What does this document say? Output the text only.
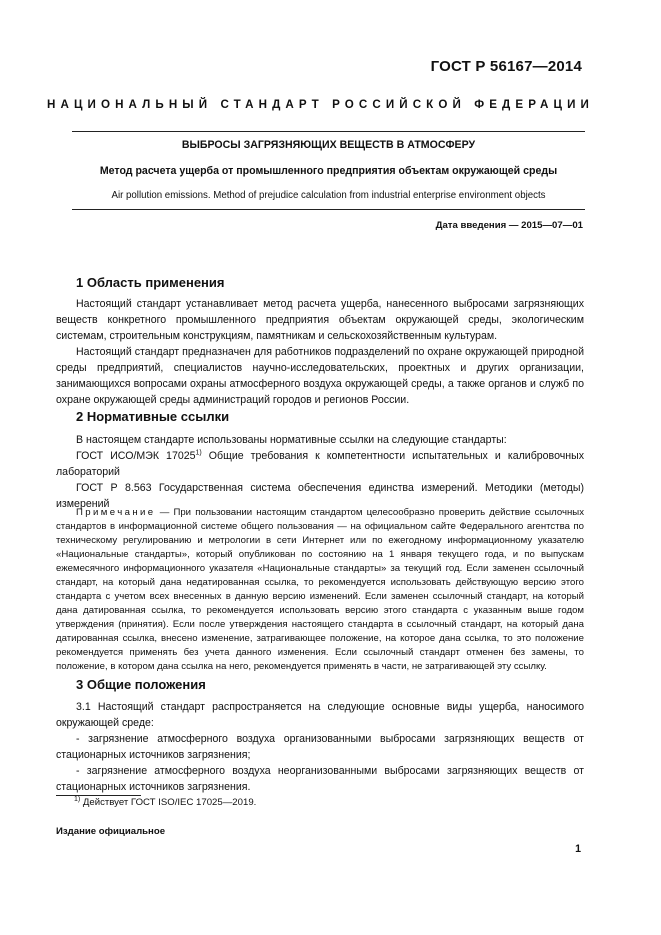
ГОСТ Р 56167—2014
НАЦИОНАЛЬНЫЙ СТАНДАРТ РОССИЙСКОЙ ФЕДЕРАЦИИ
ВЫБРОСЫ ЗАГРЯЗНЯЮЩИХ ВЕЩЕСТВ В АТМОСФЕРУ
Метод расчета ущерба от промышленного предприятия объектам окружающей среды
Air pollution emissions. Method of prejudice calculation from industrial enterprise environment objects
Дата введения — 2015—07—01
1 Область применения

Настоящий стандарт устанавливает метод расчета ущерба, нанесенного выбросами загрязняющих веществ конкретного промышленного предприятия объектам окружающей среды, экологическим системам, строительным конструкциям, памятникам и сельскохозяйственным культурам.

Настоящий стандарт предназначен для работников подразделений по охране окружающей природной среды предприятий, специалистов научно-исследовательских, проектных и других организации, занимающихся вопросами охраны атмосферного воздуха окружающей среды, а также органов и служб по охране окружающей среды администраций городов и регионов России.

2 Нормативные ссылки

В настоящем стандарте использованы нормативные ссылки на следующие стандарты:

ГОСТ ИСО/МЭК 17025$^{1)}$ Общие требования к компетентности испытательных и калибровочных лабораторий

ГОСТ Р 8.563 Государственная система обеспечения единства измерений. Методики (методы) измерений

Примечание — При пользовании настоящим стандартом целесообразно проверить действие ссылочных стандартов в информационной системе общего пользования — на официальном сайте Федерального агентства по техническому регулированию и метрологии в сети Интернет или по ежегодному информационному указателю «Национальные стандарты», который опубликован по состоянию на 1 января текущего года, и по выпускам ежемесячного информационного указателя «Национальные стандарты» за текущий год. Если заменен ссылочный стандарт, на который дана недатированная ссылка, то рекомендуется использовать действующую версию этого стандарта с учетом всех внесенных в данную версию изменений. Если заменен ссылочный стандарт, на который дана датированная ссылка, то рекомендуется использовать версию этого стандарта с указанным выше годом утверждения (принятия). Если после утверждения настоящего стандарта в ссылочный стандарт, на который дана датированная ссылка, внесено изменение, затрагивающее положение, на которое дана ссылка, то это положение рекомендуется применять без учета данного изменения. Если ссылочный стандарт отменен без замены, то положение, в котором дана ссылка на него, рекомендуется применять в части, не затрагивающей эту ссылку.
3 Общие положения

3.1 Настоящий стандарт распространяется на следующие основные виды ущерба, наносимого окружающей среде:

- загрязнение атмосферного воздуха организованными выбросами загрязняющих веществ от стационарных источников загрязнения;

- загрязнение атмосферного воздуха неорганизованными выбросами загрязняющих веществ от стационарных источников загрязнения.

$^{1)}$ Действует ГОСТ ISO/IEC 17025—2019.
Издание официальное
1
